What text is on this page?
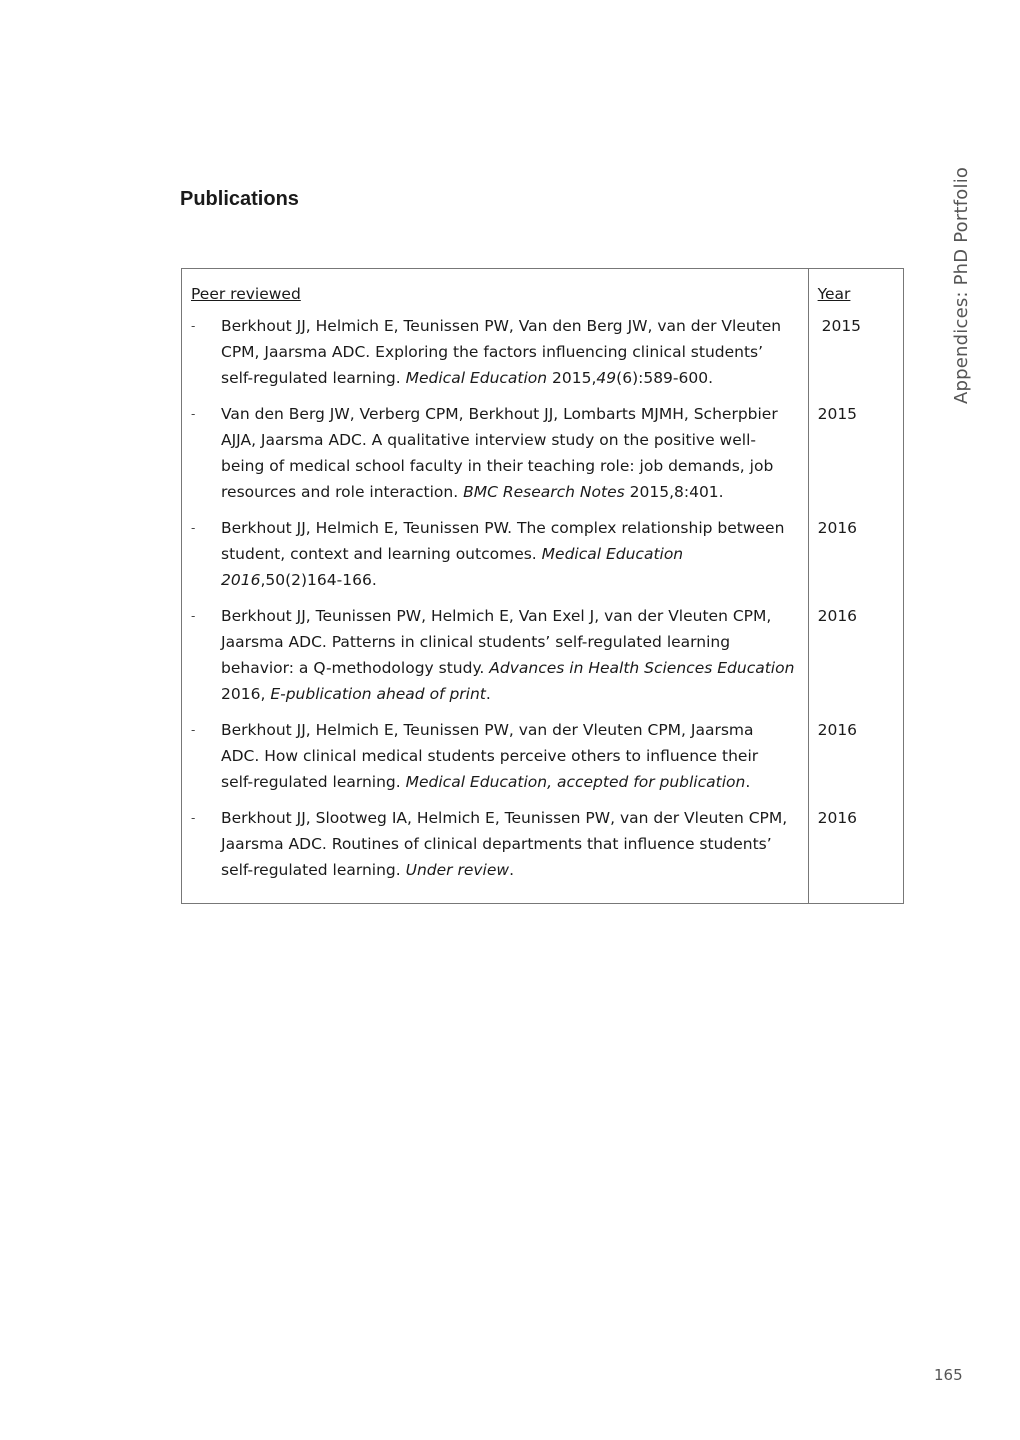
Appendices: PhD Portfolio
Publications
Peer reviewed	Year

- Berkhout JJ, Helmich E, Teunissen PW, Van den Berg JW, van der Vleuten CPM, Jaarsma ADC. Exploring the factors influencing clinical students’ self-regulated learning. Medical Education 2015,49(6):589-600.	2015

- Van den Berg JW, Verberg CPM, Berkhout JJ, Lombarts MJMH, Scherpbier AJJA, Jaarsma ADC. A qualitative interview study on the positive well-being of medical school faculty in their teaching role: job demands, job resources and role interaction. BMC Research Notes 2015,8:401.	2015

- Berkhout JJ, Helmich E, Teunissen PW. The complex relationship between student, context and learning outcomes. Medical Education 2016,50(2)164-166.	2016

- Berkhout JJ, Teunissen PW, Helmich E, Van Exel J, van der Vleuten CPM, Jaarsma ADC. Patterns in clinical students’ self-regulated learning behavior: a Q-methodology study. Advances in Health Sciences Education 2016, E-publication ahead of print.	2016

- Berkhout JJ, Helmich E, Teunissen PW, van der Vleuten CPM, Jaarsma ADC. How clinical medical students perceive others to influence their self-regulated learning. Medical Education, accepted for publication.	2016

- Berkhout JJ, Slootweg IA, Helmich E, Teunissen PW, van der Vleuten CPM, Jaarsma ADC. Routines of clinical departments that influence students’ self-regulated learning. Under review.	2016
165
